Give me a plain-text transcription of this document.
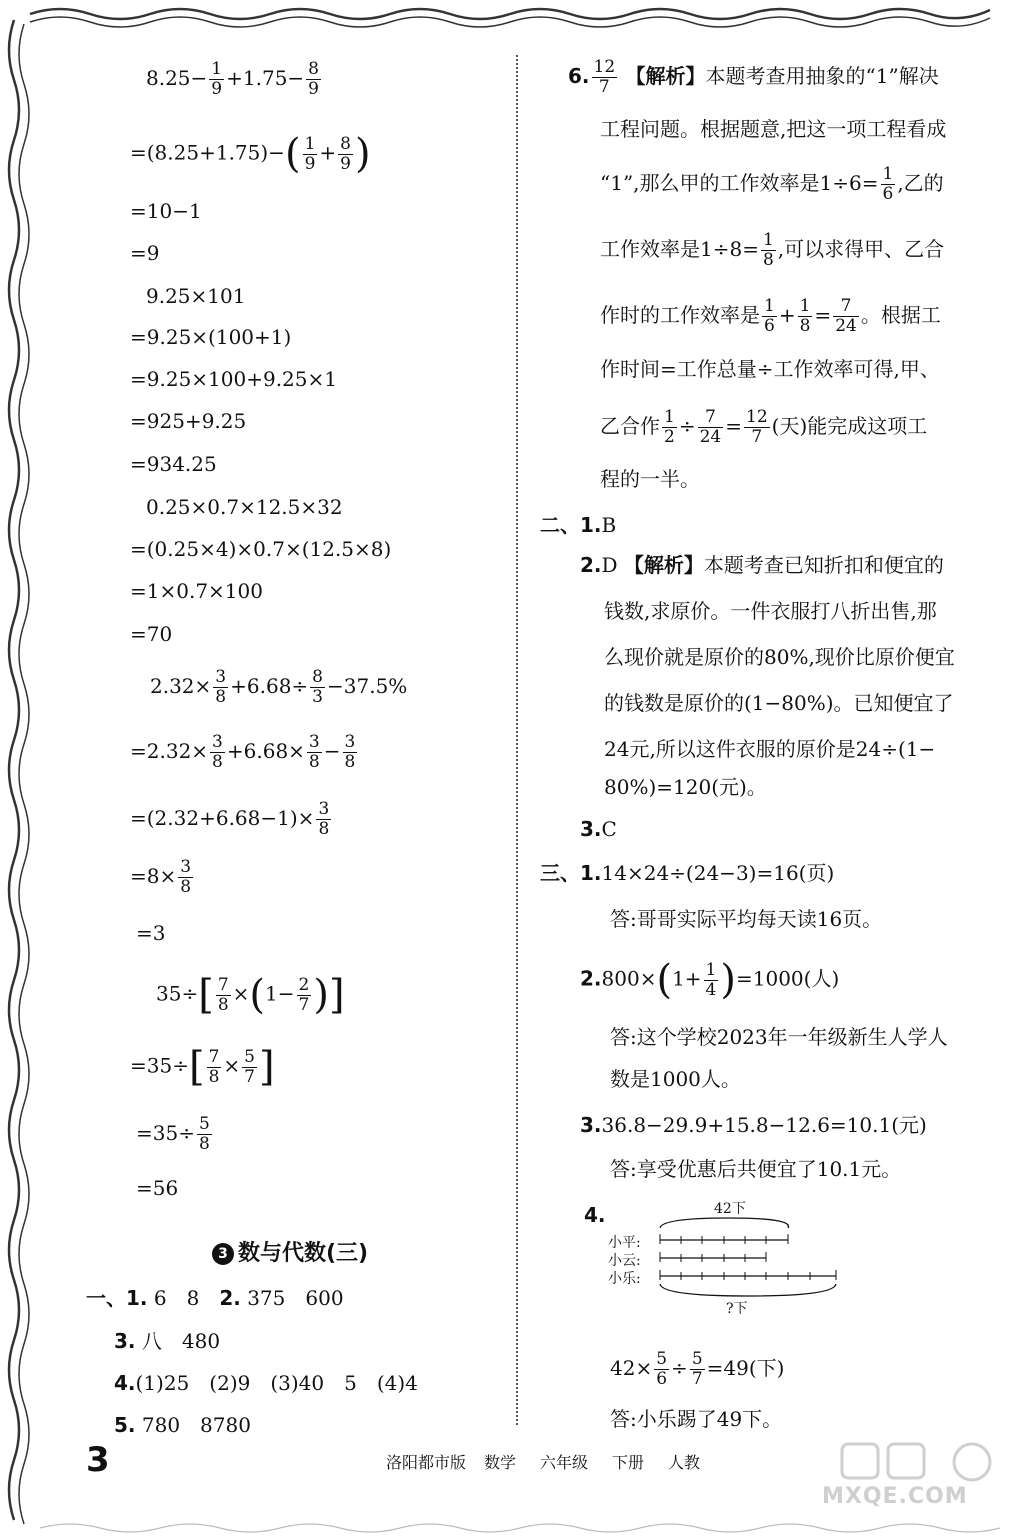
$8.25- \frac{1}{9} +1.75- \frac{8}{9}$
$=(8.25+1.75)-( \frac{1}{9} + \frac{8}{9}$ )
=10−1
=9
9.25×101
=9.25×(100+1)
=9.25×100+9.25×1
=925+9.25
=934.25
0.25×0.7×12.5×32
=(0.25×4)×0.7×(12.5×8)
=1×0.7×100
=70
$2.32\times \frac{3}{8} +6.68\div \frac{8}{3} -37.5\%$
$=2.32\times \frac{3}{8} +6.68\times \frac{3}{8} - \frac{3}{8}$
$=(2.32+6.68-1)\times \frac{3}{8}$
$=8\times \frac{3}{8}$
=3
$35\div[ \frac{7}{8} \times(1- \frac{2}{7}$ )]
$=35\div[ \frac{7}{8} \times \frac{5}{7}$ ]
$=35\div \frac{5}{8}$
=56
3 数与代数(三)
一、1. 6　8　 2. 375　600
3. 八　480
4.(1)25　(2)9　(3)40　5　(4)4
5. 780　8780
6. $\frac{12}{7}$ 【解析】本题考查用抽象的“1”解决
工程问题。根据题意,把这一项工程看成
“1”,那么甲的工作效率是$1\div 6= \frac{1}{6}$ ,乙的
工作效率是$1\div 8= \frac{1}{8}$ ,可以求得甲、乙合
作时的工作效率是 $\frac{1}{6} + \frac{1}{8} = \frac{7}{24}$ 。根据工
作时间=工作总量÷工作效率可得,甲、
乙合作 $\frac{1}{2} \div \frac{7}{24} = \frac{12}{7}$ (天)能完成这项工
程的一半。
二、1.B
2.D 【解析】本题考查已知折扣和便宜的
钱数,求原价。一件衣服打八折出售,那
么现价就是原价的80%,现价比原价便宜
的钱数是原价的(1−80%)。已知便宜了
24元,所以这件衣服的原价是24÷(1−
80%)=120(元)。
3.C
三、1.14×24÷(24−3)=16(页)
答:哥哥实际平均每天读16页。
$2.800\times(1+ \frac{1}{4} )=1000$(人)
答:这个学校2023年一年级新生人学人
数是1000人。
3.36.8−29.9+15.8−12.6=10.1(元)
答:享受优惠后共便宜了10.1元。
4.	42下
小平:
小云:
小乐:
?下
$42\times \frac{5}{6} \div \frac{5}{7} =49$(下)
答:小乐踢了49下。
3	洛阳都市版 数学 六年级 下册 人教
MXQE.COM
